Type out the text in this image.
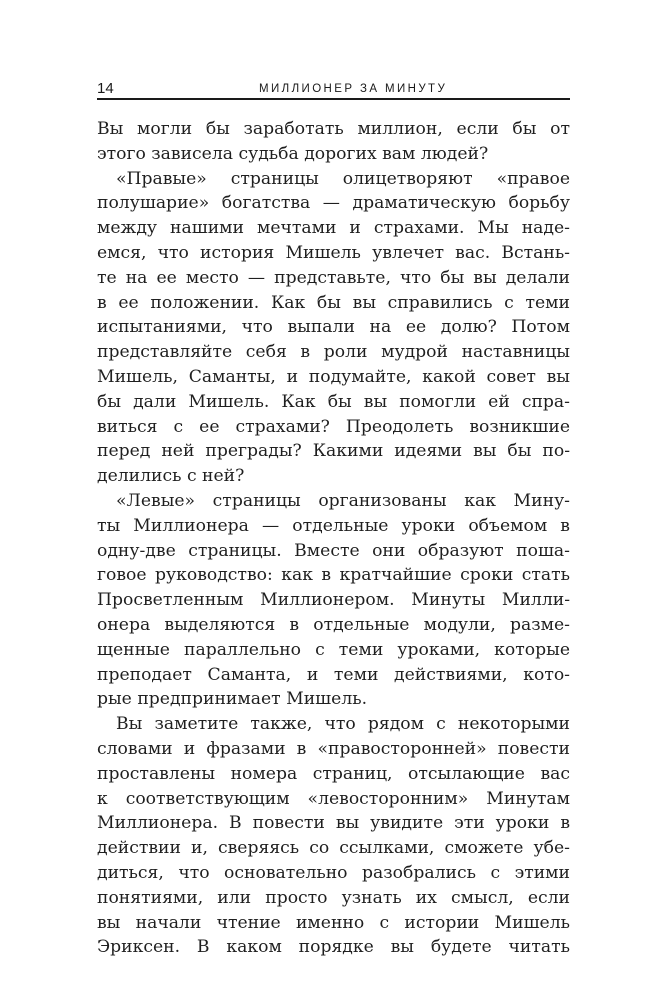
14	МИЛЛИОНЕР ЗА МИНУТУ
Вы могли бы заработать миллион, если бы от
этого зависела судьба дорогих вам людей?
«Правые» страницы олицетворяют «правое
полушарие» богатства — драматическую борьбу
между нашими мечтами и страхами. Мы наде-
емся, что история Мишель увлечет вас. Встань-
те на ее место — представьте, что бы вы делали
в ее положении. Как бы вы справились с теми
испытаниями, что выпали на ее долю? Потом
представляйте себя в роли мудрой наставницы
Мишель, Саманты, и подумайте, какой совет вы
бы дали Мишель. Как бы вы помогли ей спра-
виться с ее страхами? Преодолеть возникшие
перед ней преграды? Какими идеями вы бы по-
делились с ней?
«Левые» страницы организованы как Мину-
ты Миллионера — отдельные уроки объемом в
одну-две страницы. Вместе они образуют поша-
говое руководство: как в кратчайшие сроки стать
Просветленным Миллионером. Минуты Милли-
онера выделяются в отдельные модули, разме-
щенные параллельно с теми уроками, которые
преподает Саманта, и теми действиями, кото-
рые предпринимает Мишель.
Вы заметите также, что рядом с некоторыми
словами и фразами в «правосторонней» повести
проставлены номера страниц, отсылающие вас
к соответствующим «левосторонним» Минутам
Миллионера. В повести вы увидите эти уроки в
действии и, сверяясь со ссылками, сможете убе-
диться, что основательно разобрались с этими
понятиями, или просто узнать их смысл, если
вы начали чтение именно с истории Мишель
Эриксен. В каком порядке вы будете читать
